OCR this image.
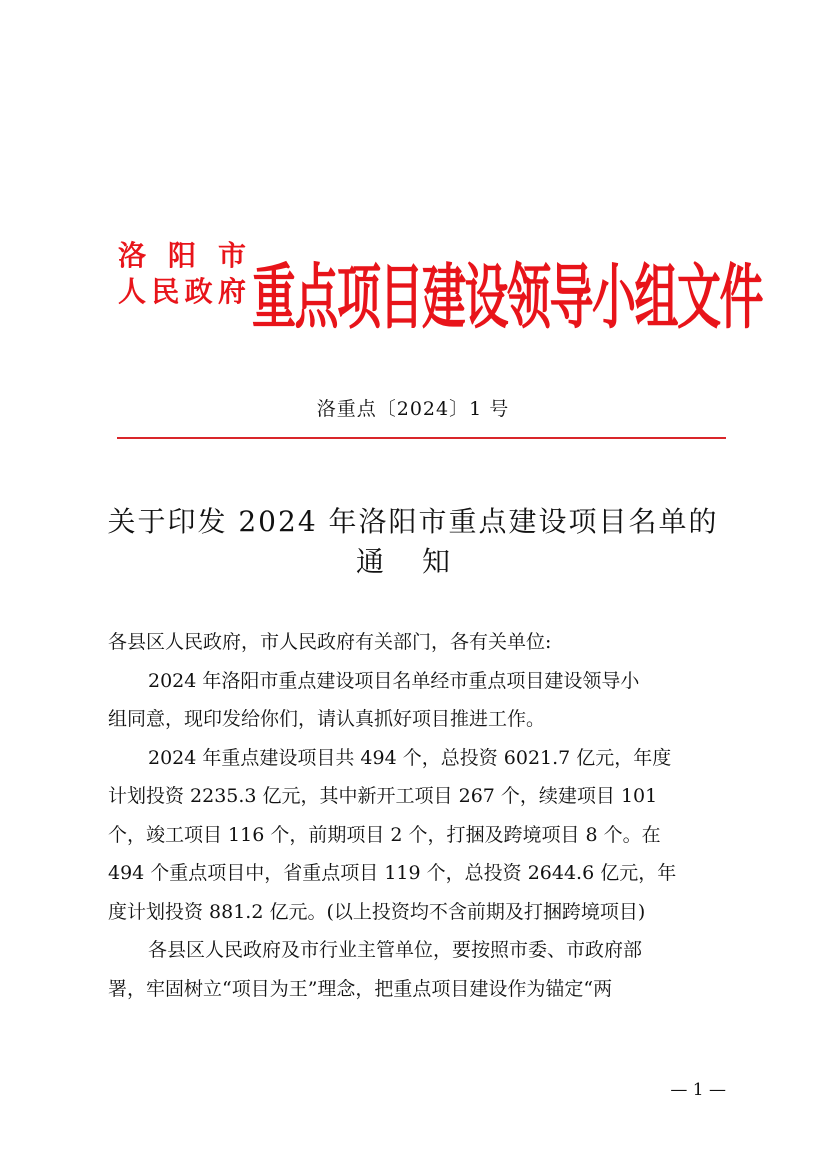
洛 阳 市
人 民 政 府 重点项目建设领导小组文件
洛重点〔2024〕1 号
关于印发 2024 年洛阳市重点建设项目名单的
通知
各县区人民政府，市人民政府有关部门，各有关单位:
2024 年洛阳市重点建设项目名单经市重点项目建设领导小
组同意，现印发给你们，请认真抓好项目推进工作。
2024 年重点建设项目共 494 个，总投资 6021.7 亿元，年度
计划投资 2235.3 亿元，其中新开工项目 267 个，续建项目 101
个，竣工项目 116 个，前期项目 2 个，打捆及跨境项目 8 个。在
494 个重点项目中，省重点项目 119 个，总投资 2644.6 亿元，年
度计划投资 881.2 亿元。(以上投资均不含前期及打捆跨境项目)
各县区人民政府及市行业主管单位，要按照市委、市政府部
署，牢固树立“项目为王”理念，把重点项目建设作为锚定“两
— 1 —
